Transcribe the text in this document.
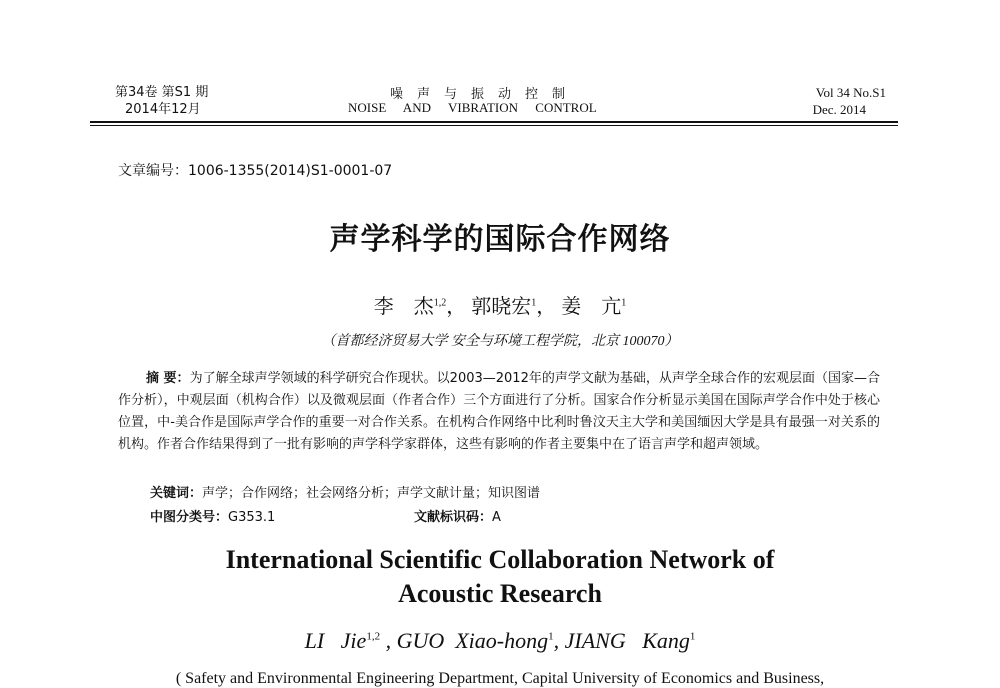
第34卷 第S1 期
2014年12月
噪声与振动控制
NOISE AND VIBRATION CONTROL
Vol 34 No.S1
Dec. 2014
文章编号：1006-1355(2014)S1-0001-07
声学科学的国际合作网络
李　杰$^{1,2}$， 郭晓宏$^1$， 姜　亢$^1$
（首都经济贸易大学 安全与环境工程学院，北京 100070）
摘 要：为了解全球声学领域的科学研究合作现状。以2003—2012年的声学文献为基础，从声学全球合作的宏观层面（国家—合作分析），中观层面（机构合作）以及微观层面（作者合作）三个方面进行了分析。国家合作分析显示美国在国际声学合作中处于核心位置，中-美合作是国际声学合作的重要一对合作关系。在机构合作网络中比利时鲁汶天主大学和美国缅因大学是具有最强一对关系的机构。作者合作结果得到了一批有影响的声学科学家群体，这些有影响的作者主要集中在了语言声学和超声领域。
关键词：声学；合作网络；社会网络分析；声学文献计量；知识图谱
中图分类号：G353.1	文献标识码：A
International Scientific Collaboration Network of
Acoustic Research
LI   Jie$^{1,2}$ , GUO  Xiao-hong$^1$, JIANG   Kang$^1$
( Safety and Environmental Engineering Department, Capital University of Economics and Business,
